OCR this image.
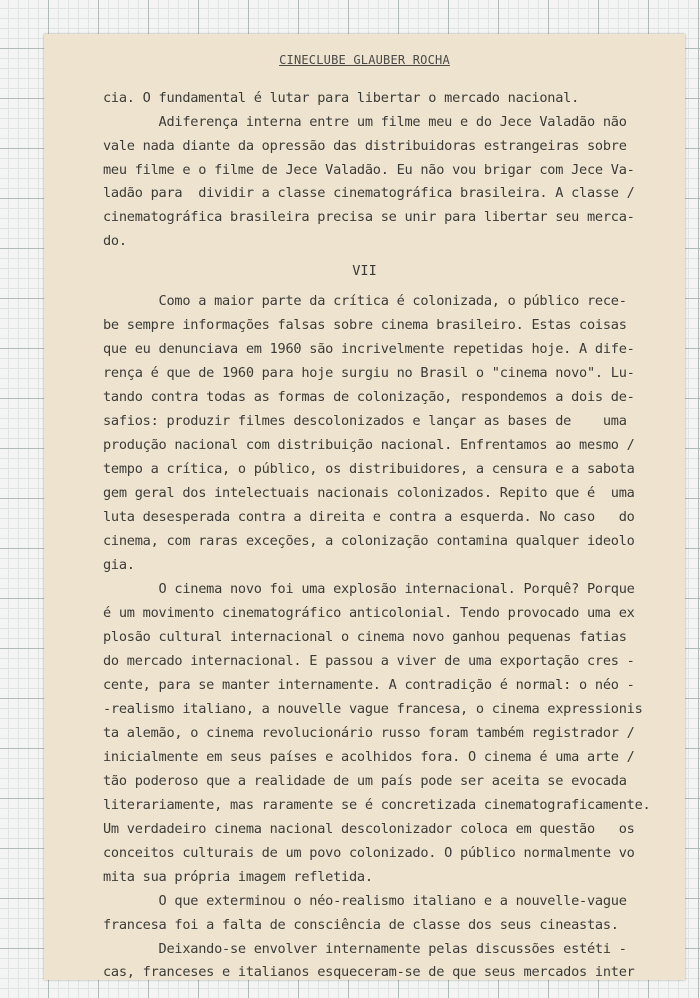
CINECLUBE GLAUBER ROCHA
cia. O fundamental é lutar para libertar o mercado nacional.
Adiferença interna entre um filme meu e do Jece Valadão não
vale nada diante da opressão das distribuidoras estrangeiras sobre
meu filme e o filme de Jece Valadão. Eu não vou brigar com Jece Va-
ladão para  dividir a classe cinematográfica brasileira. A classe /
cinematográfica brasileira precisa se unir para libertar seu merca-
do.
VII
Como a maior parte da crítica é colonizada, o público rece-
be sempre informações falsas sobre cinema brasileiro. Estas coisas
que eu denunciava em 1960 são incrivelmente repetidas hoje. A dife-
rença é que de 1960 para hoje surgiu no Brasil o "cinema novo". Lu-
tando contra todas as formas de colonização, respondemos a dois de-
safios: produzir filmes descolonizados e lançar as bases de    uma
produção nacional com distribuição nacional. Enfrentamos ao mesmo /
tempo a crítica, o público, os distribuidores, a censura e a sabota
gem geral dos intelectuais nacionais colonizados. Repito que é  uma
luta desesperada contra a direita e contra a esquerda. No caso   do
cinema, com raras exceções, a colonização contamina qualquer ideolo
gia.
O cinema novo foi uma explosão internacional. Porquê? Porque
é um movimento cinematográfico anticolonial. Tendo provocado uma ex
plosão cultural internacional o cinema novo ganhou pequenas fatias
do mercado internacional. E passou a viver de uma exportação cres -
cente, para se manter internamente. A contradição é normal: o néo -
-realismo italiano, a nouvelle vague francesa, o cinema expressionis
ta alemão, o cinema revolucionário russo foram também registrador /
inicialmente em seus países e acolhidos fora. O cinema é uma arte /
tão poderoso que a realidade de um país pode ser aceita se evocada
literariamente, mas raramente se é concretizada cinematograficamente.
Um verdadeiro cinema nacional descolonizador coloca em questão   os
conceitos culturais de um povo colonizado. O público normalmente vo
mita sua própria imagem refletida.
O que exterminou o néo-realismo italiano e a nouvelle-vague
francesa foi a falta de consciência de classe dos seus cineastas.
Deixando-se envolver internamente pelas discussões estéti -
cas, franceses e italianos esqueceram-se de que seus mercados inter
